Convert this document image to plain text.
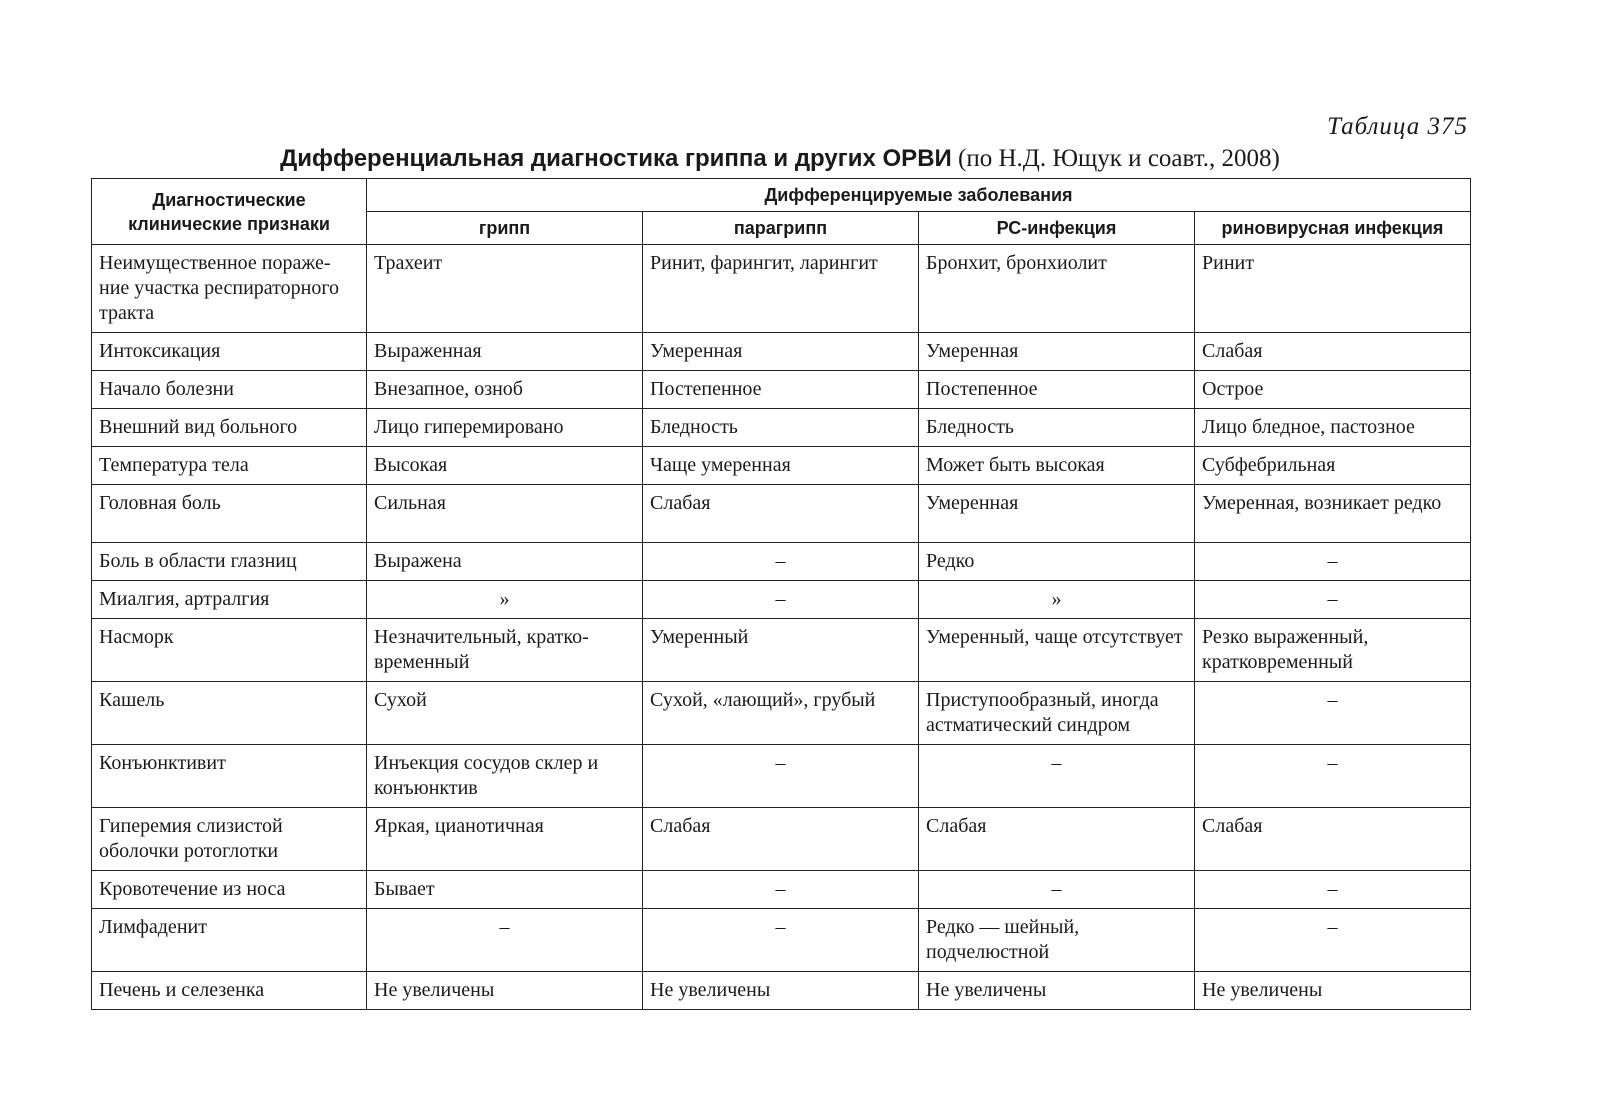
Таблица 375
Дифференциальная диагностика гриппа и других ОРВИ (по Н.Д. Ющук и соавт., 2008)
Диагностические клинические признаки	Дифференцируемые заболевания			
	грипп	парагрипп	РС-инфекция	риновирусная инфекция
Неимущественное пораже-ние участка респираторного тракта	Трахеит	Ринит, фарингит, ларингит	Бронхит, бронхиолит	Ринит
Интоксикация	Выраженная	Умеренная	Умеренная	Слабая
Начало болезни	Внезапное, озноб	Постепенное	Постепенное	Острое
Внешний вид больного	Лицо гиперемировано	Бледность	Бледность	Лицо бледное, пастозное
Температура тела	Высокая	Чаще умеренная	Может быть высокая	Субфебрильная
Головная боль	Сильная	Слабая	Умеренная	Умеренная, возникает редко
Боль в области глазниц	Выражена	–	Редко	–
Миалгия, артралгия	»	–	»	–
Насморк	Незначительный, кратко-временный	Умеренный	Умеренный, чаще отсутствует	Резко выраженный, кратковременный
Кашель	Сухой	Сухой, «лающий», грубый	Приступообразный, иногда астматический синдром	–
Конъюнктивит	Инъекция сосудов склер и конъюнктив	–	–	–
Гиперемия слизистой оболочки ротоглотки	Яркая, цианотичная	Слабая	Слабая	Слабая
Кровотечение из носа	Бывает	–	–	–
Лимфаденит	–	–	Редко — шейный, подчелюстной	–
Печень и селезенка	Не увеличены	Не увеличены	Не увеличены	Не увеличены
